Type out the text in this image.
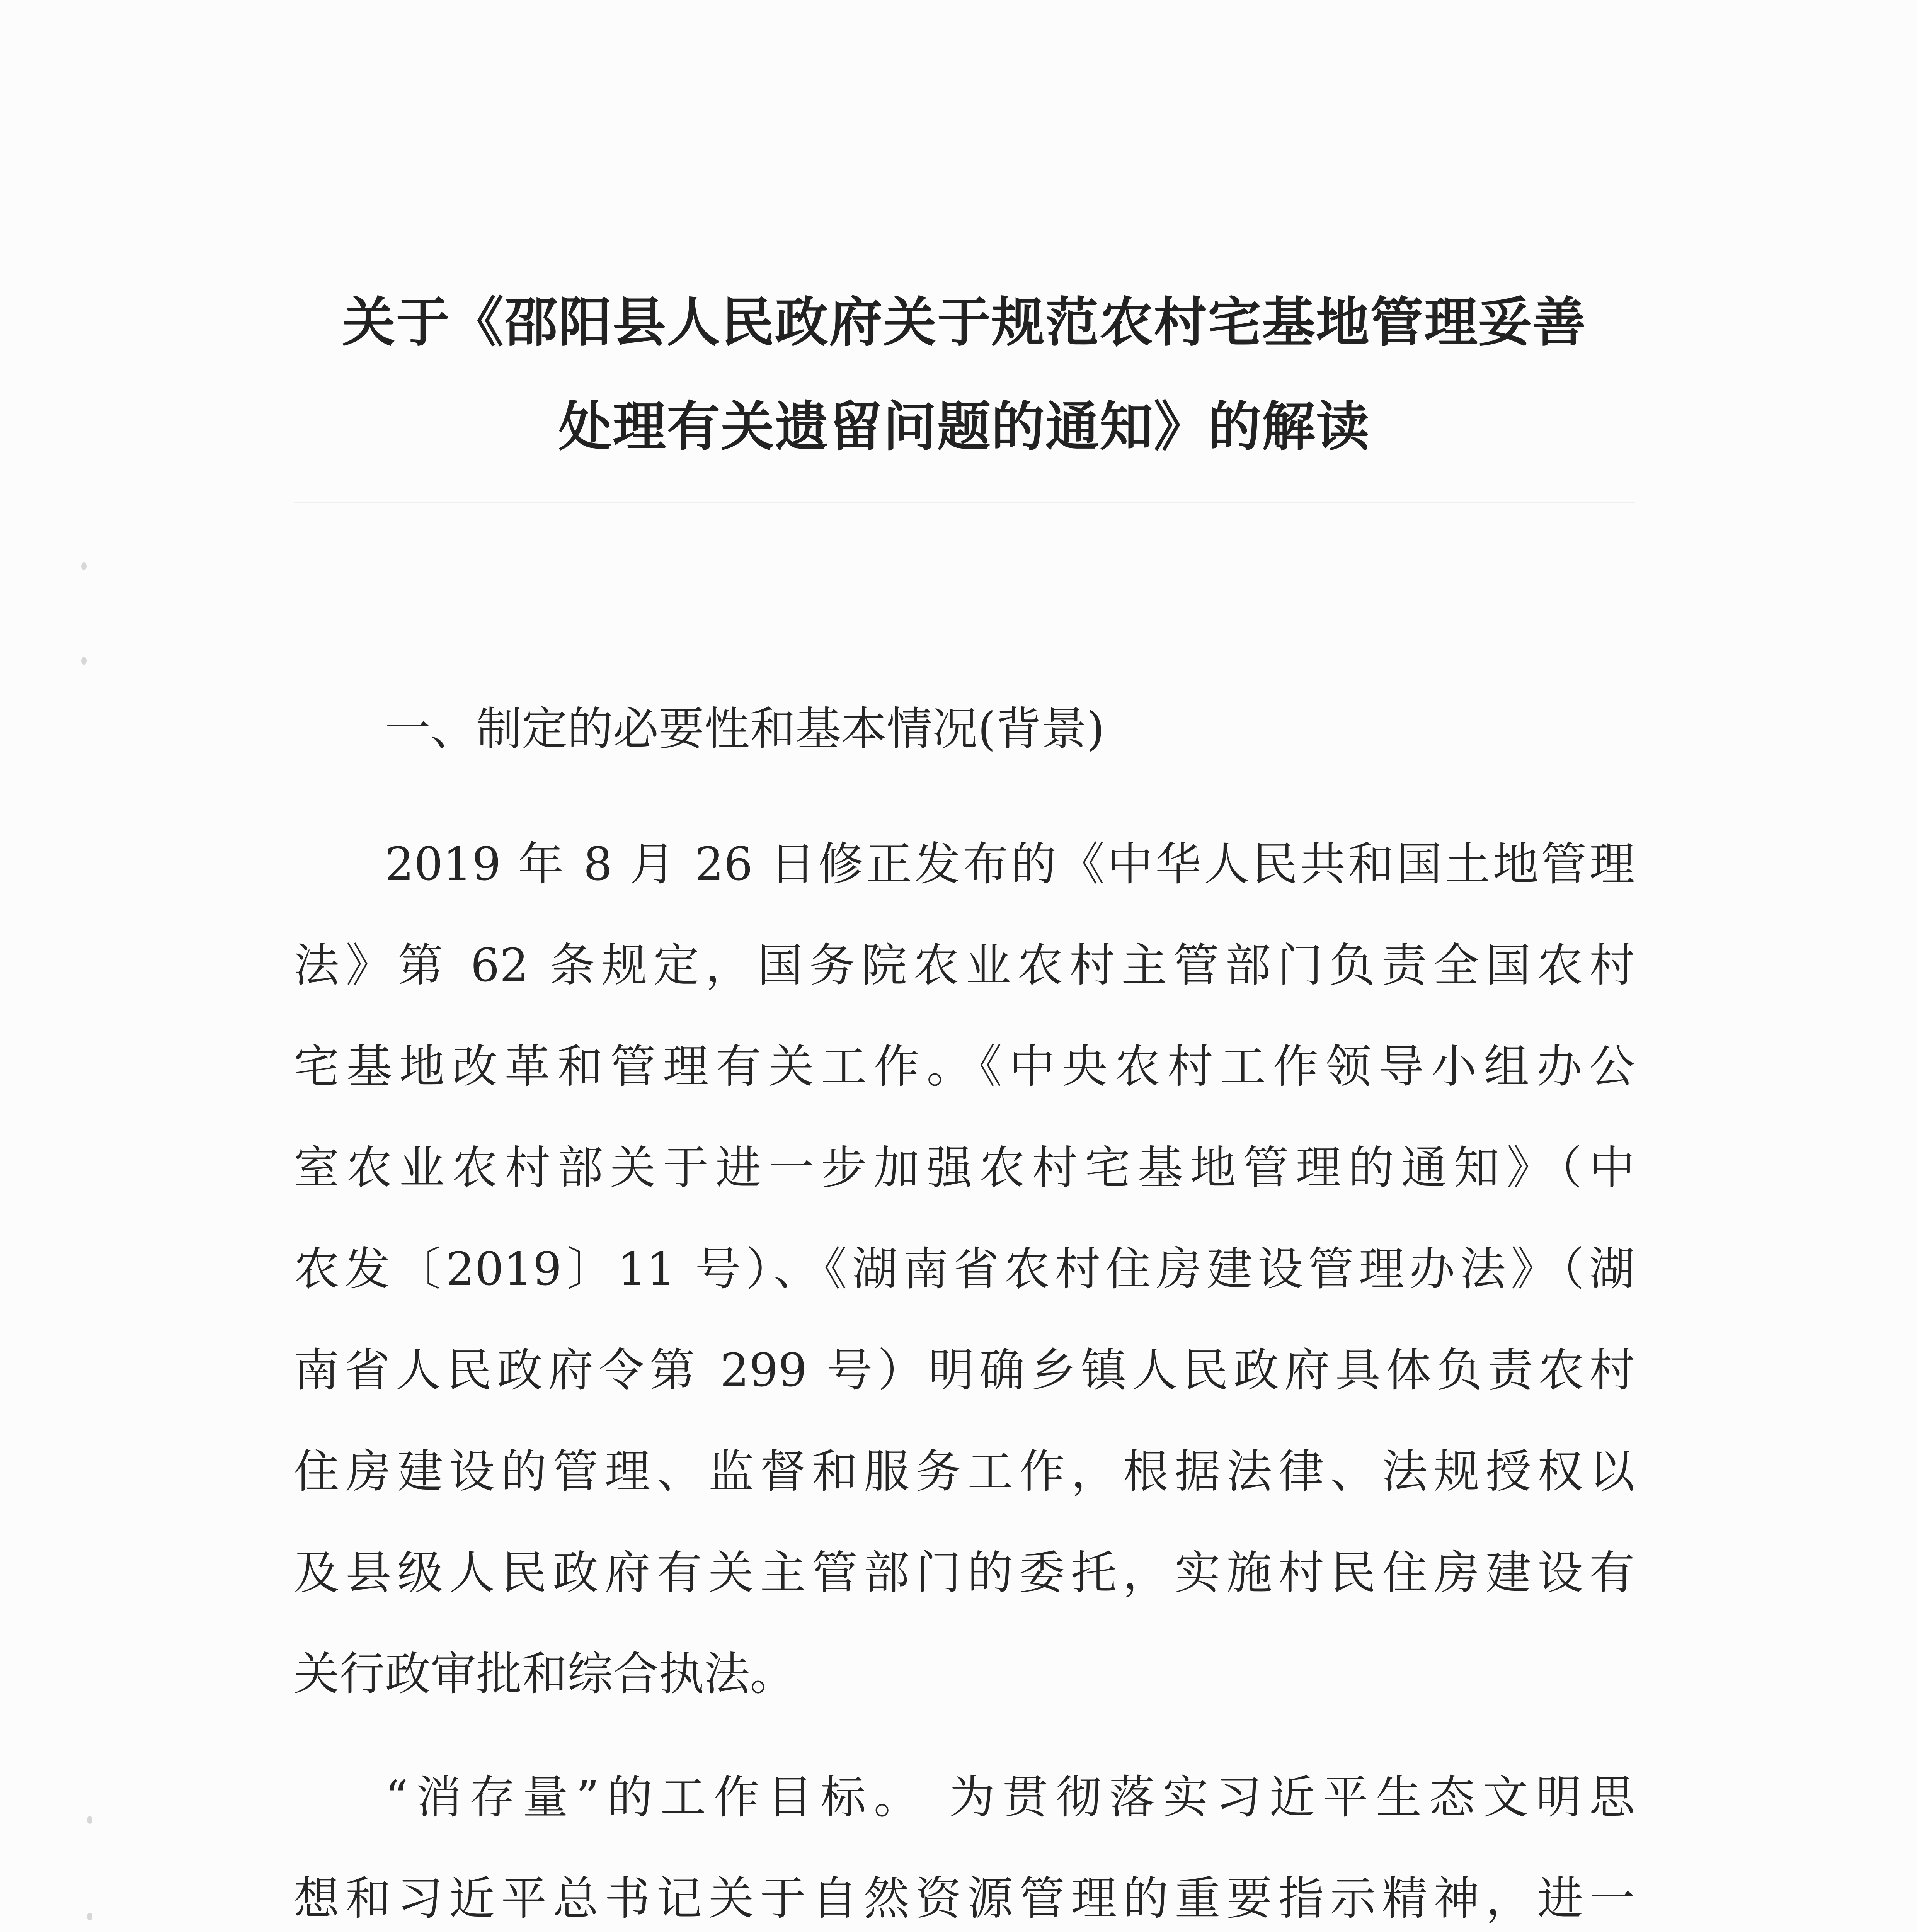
关于《邵阳县人民政府关于规范农村宅基地管理妥善
处理有关遗留问题的通知》的解读
一、制定的必要性和基本情况(背景)
2019 年 8 月 26 日修正发布的《中华人民共和国土地管理
法》第 62 条规定，国务院农业农村主管部门负责全国农村
宅基地改革和管理有关工作。《中央农村工作领导小组办公
室农业农村部关于进一步加强农村宅基地管理的通知》（中
农发〔2019〕11 号）、《湖南省农村住房建设管理办法》（湖
南省人民政府令第 299 号）明确乡镇人民政府具体负责农村
住房建设的管理、监督和服务工作，根据法律、法规授权以
及县级人民政府有关主管部门的委托，实施村民住房建设有
关行政审批和综合执法。
“消存量”的工作目标。 为贯彻落实习近平生态文明思
想和习近平总书记关于自然资源管理的重要指示精神，进一
